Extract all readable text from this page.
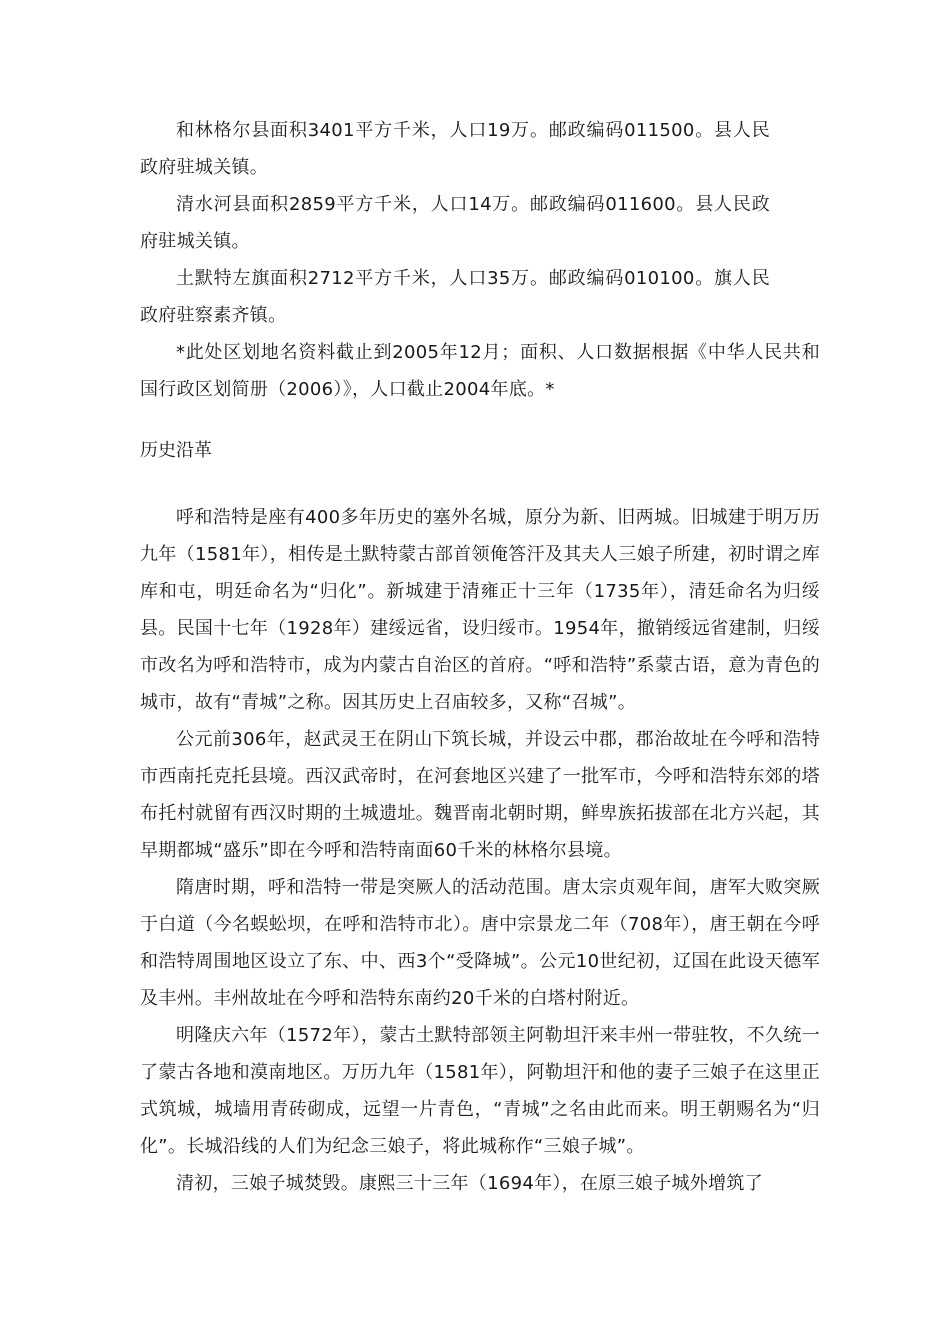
和林格尔县面积3401平方千米，人口19万。邮政编码011500。县人民政府驻城关镇。

清水河县面积2859平方千米，人口14万。邮政编码011600。县人民政府驻城关镇。

土默特左旗面积2712平方千米，人口35万。邮政编码010100。旗人民政府驻察素齐镇。

*此处区划地名资料截止到2005年12月；面积、人口数据根据《中华人民共和国行政区划简册（2006）》，人口截止2004年底。*

历史沿革

呼和浩特是座有400多年历史的塞外名城，原分为新、旧两城。旧城建于明万历九年（1581年），相传是土默特蒙古部首领俺答汗及其夫人三娘子所建，初时谓之库库和屯，明廷命名为“归化”。新城建于清雍正十三年（1735年），清廷命名为归绥县。民国十七年（1928年）建绥远省，设归绥市。1954年，撤销绥远省建制，归绥市改名为呼和浩特市，成为内蒙古自治区的首府。“呼和浩特”系蒙古语，意为青色的城市，故有“青城”之称。因其历史上召庙较多，又称“召城”。

公元前306年，赵武灵王在阴山下筑长城，并设云中郡，郡治故址在今呼和浩特市西南托克托县境。西汉武帝时，在河套地区兴建了一批军市，今呼和浩特东郊的塔布托村就留有西汉时期的土城遗址。魏晋南北朝时期，鲜卑族拓拔部在北方兴起，其早期都城“盛乐”即在今呼和浩特南面60千米的林格尔县境。

隋唐时期，呼和浩特一带是突厥人的活动范围。唐太宗贞观年间，唐军大败突厥于白道（今名蜈蚣坝，在呼和浩特市北）。唐中宗景龙二年（708年），唐王朝在今呼和浩特周围地区设立了东、中、西3个“受降城”。公元10世纪初，辽国在此设天德军及丰州。丰州故址在今呼和浩特东南约20千米的白塔村附近。

明隆庆六年（1572年），蒙古土默特部领主阿勒坦汗来丰州一带驻牧，不久统一了蒙古各地和漠南地区。万历九年（1581年），阿勒坦汗和他的妻子三娘子在这里正式筑城，城墙用青砖砌成，远望一片青色，“青城”之名由此而来。明王朝赐名为“归化”。长城沿线的人们为纪念三娘子，将此城称作“三娘子城”。

清初，三娘子城焚毁。康熙三十三年（1694年），在原三娘子城外增筑了
